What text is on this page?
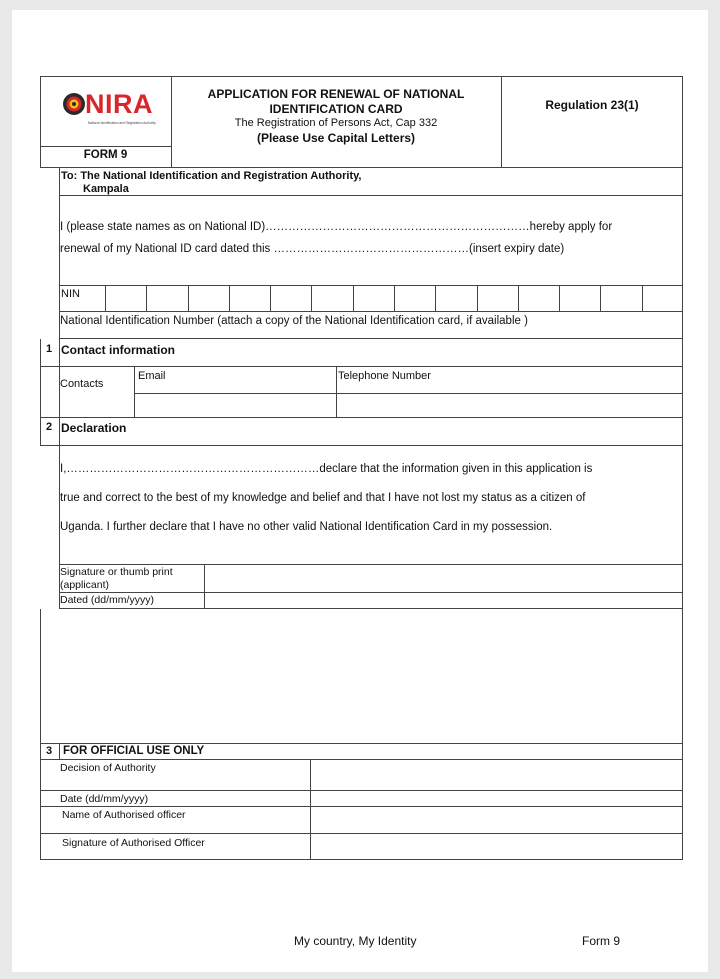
NIRA
National Identification and Registration Authority
FORM 9
APPLICATION FOR RENEWAL OF NATIONAL
IDENTIFICATION CARD
The Registration of Persons Act, Cap 332
(Please Use Capital Letters)
Regulation 23(1)
To: The National Identification and Registration Authority,
Kampala
I (please state names as on National ID)……………………………………………………………hereby apply for
renewal of my National ID card dated this ……………………………………………(insert expiry date)
NIN
National Identification Number (attach a copy of the National Identification card, if available )
1 Contact information
Contacts
Email	Telephone Number
2 Declaration
I,…………………………………………………………declare that the information given in this application is
true and correct to the best of my knowledge and belief and that I have not lost my status as a citizen of
Uganda. I further declare that I have no other valid National Identification Card in my possession.
Signature or thumb print
(applicant)
Dated (dd/mm/yyyy)
3 FOR OFFICIAL USE ONLY
Decision of Authority
Date (dd/mm/yyyy)
Name of Authorised officer
Signature of Authorised Officer
My country, My Identity	Form 9
